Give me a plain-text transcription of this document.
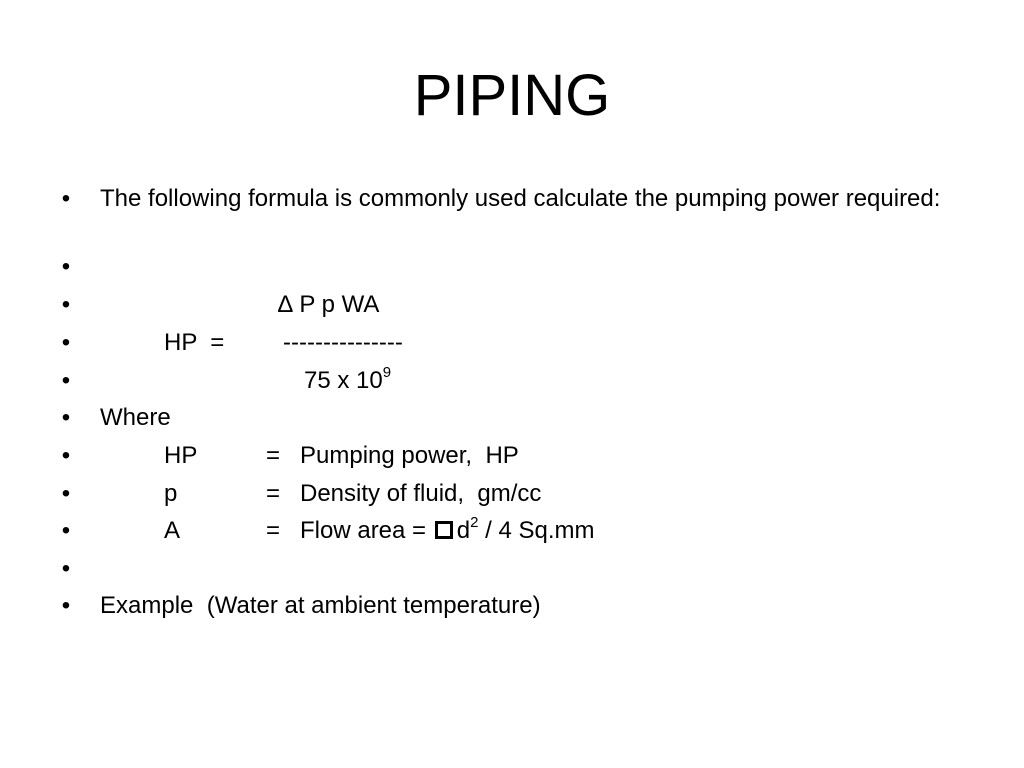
PIPING
• The following formula is commonly used calculate the pumping power required:
•
•	∆ P p WA
•	HP  = ---------------
•	75 x $10^9$
• Where
•	HP	= Pumping power,  HP
•	p	= Density of fluid,  gm/cc
•	A	= Flow area = $d^2 / 4$ Sq.mm
•
• Example  (Water at ambient temperature)
